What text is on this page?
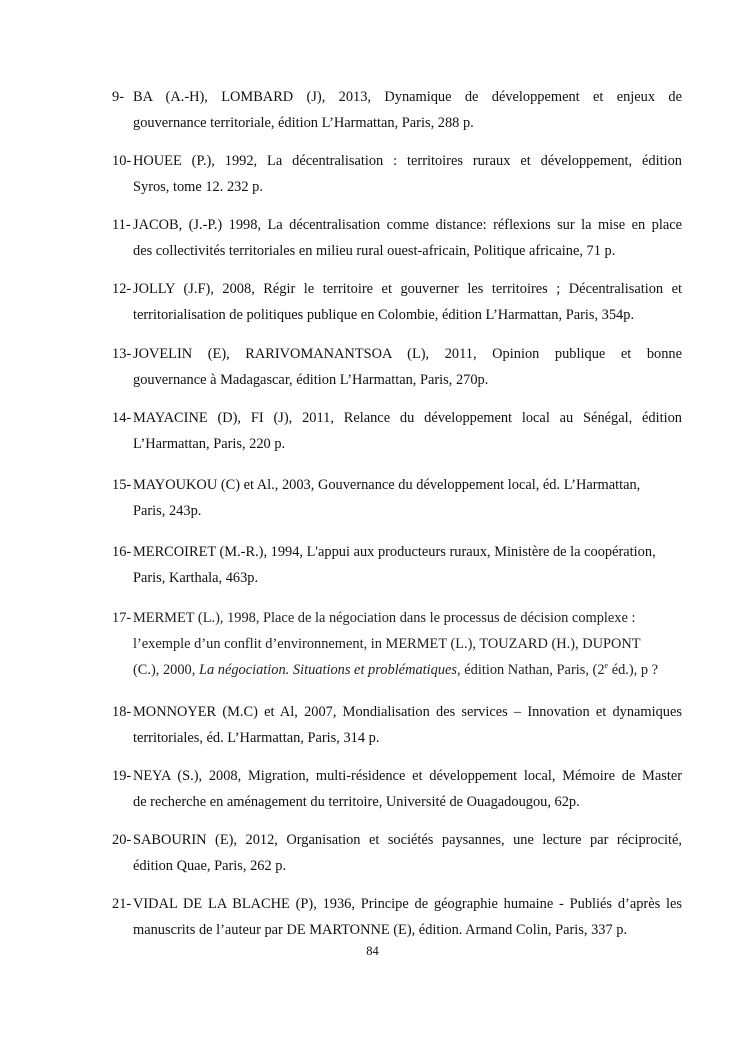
9- BA (A.-H), LOMBARD (J), 2013, Dynamique de développement et enjeux de
gouvernance territoriale, édition L’Harmattan, Paris, 288 p.
10- HOUEE (P.), 1992, La décentralisation : territoires ruraux et développement, édition
Syros, tome 12. 232 p.
11- JACOB, (J.-P.) 1998, La décentralisation comme distance: réflexions sur la mise en place
des collectivités territoriales en milieu rural ouest-africain, Politique africaine, 71 p.
12- JOLLY (J.F), 2008, Régir le territoire et gouverner les territoires ; Décentralisation et
territorialisation de politiques publique en Colombie, édition L’Harmattan, Paris, 354p.
13- JOVELIN (E), RARIVOMANANTSOA (L), 2011, Opinion publique et bonne
gouvernance à Madagascar, édition L’Harmattan, Paris, 270p.
14- MAYACINE (D), FI (J), 2011, Relance du développement local au Sénégal, édition
L’Harmattan, Paris, 220 p.
15- MAYOUKOU (C) et Al., 2003, Gouvernance du développement local, éd. L’Harmattan,
Paris, 243p.
16- MERCOIRET (M.-R.), 1994, L'appui aux producteurs ruraux, Ministère de la coopération,
Paris, Karthala, 463p.
17- MERMET (L.), 1998, Place de la négociation dans le processus de décision complexe :
l’exemple d’un conflit d’environnement, in MERMET (L.), TOUZARD (H.), DUPONT
(C.), 2000, La négociation. Situations et problématiques, édition Nathan, Paris, (2e éd.), p ?
18- MONNOYER (M.C) et Al, 2007, Mondialisation des services – Innovation et dynamiques
territoriales, éd. L’Harmattan, Paris, 314 p.
19- NEYA (S.), 2008, Migration, multi-résidence et développement local, Mémoire de Master
de recherche en aménagement du territoire, Université de Ouagadougou, 62p.
20- SABOURIN (E), 2012, Organisation et sociétés paysannes, une lecture par réciprocité,
édition Quae, Paris, 262 p.
21- VIDAL DE LA BLACHE (P), 1936, Principe de géographie humaine - Publiés d’après les
manuscrits de l’auteur par DE MARTONNE (E), édition. Armand Colin, Paris, 337 p.
84
